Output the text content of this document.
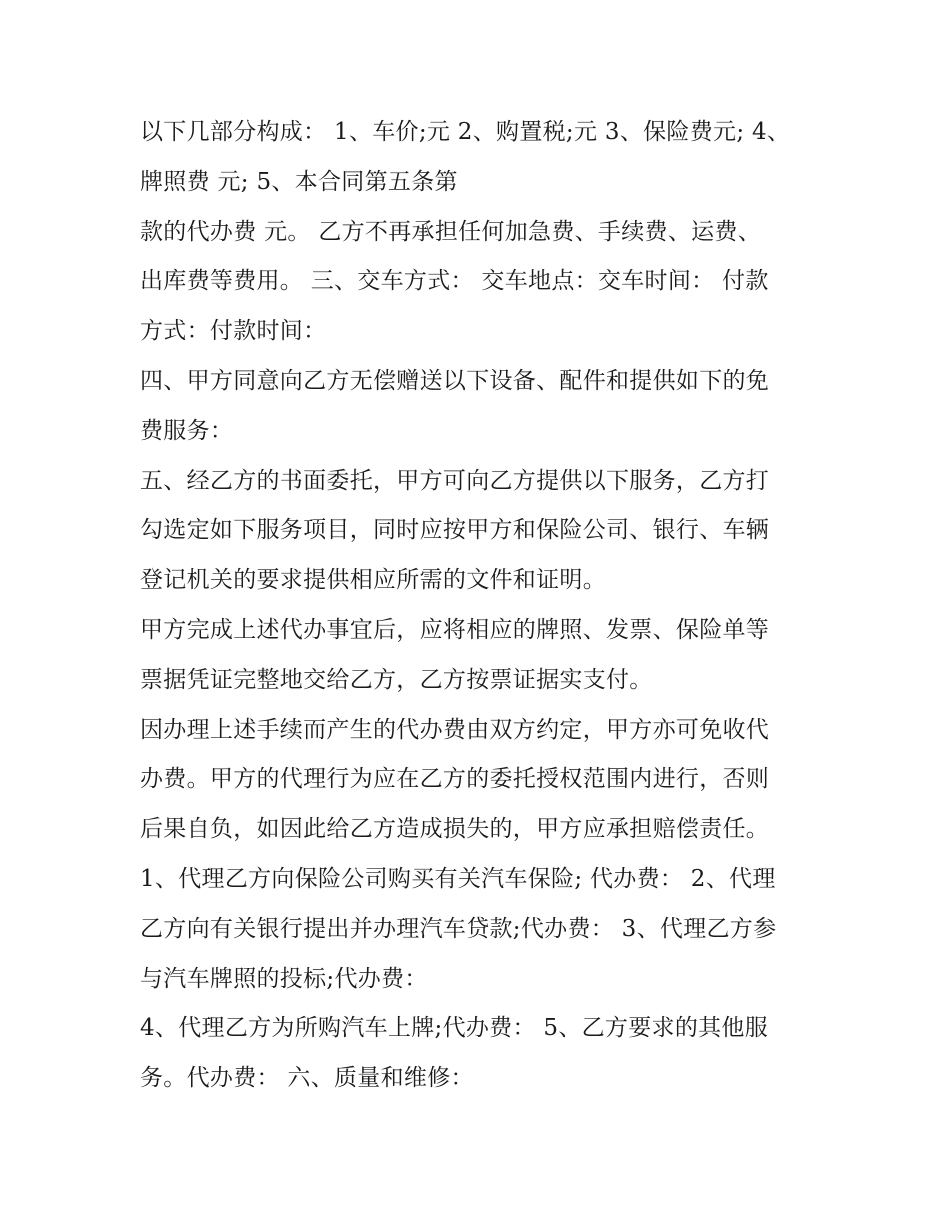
以下几部分构成： 1、车价;元 2、购置税;元 3、保险费元; 4、
牌照费 元; 5、本合同第五条第
款的代办费 元。 乙方不再承担任何加急费、手续费、运费、
出库费等费用。 三、交车方式： 交车地点：交车时间： 付款
方式：付款时间：
四、甲方同意向乙方无偿赠送以下设备、配件和提供如下的免
费服务：
五、经乙方的书面委托，甲方可向乙方提供以下服务，乙方打
勾选定如下服务项目，同时应按甲方和保险公司、银行、车辆
登记机关的要求提供相应所需的文件和证明。
甲方完成上述代办事宜后，应将相应的牌照、发票、保险单等
票据凭证完整地交给乙方，乙方按票证据实支付。
因办理上述手续而产生的代办费由双方约定，甲方亦可免收代
办费。甲方的代理行为应在乙方的委托授权范围内进行，否则
后果自负，如因此给乙方造成损失的，甲方应承担赔偿责任。
1、代理乙方向保险公司购买有关汽车保险; 代办费： 2、代理
乙方向有关银行提出并办理汽车贷款;代办费： 3、代理乙方参
与汽车牌照的投标;代办费：
4、代理乙方为所购汽车上牌;代办费： 5、乙方要求的其他服
务。代办费： 六、质量和维修：
